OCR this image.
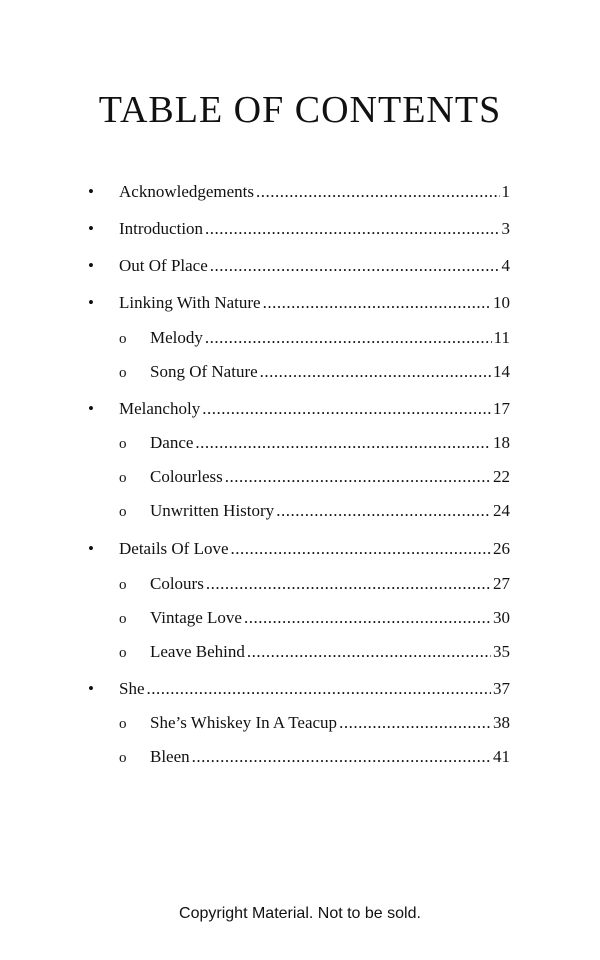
TABLE OF CONTENTS
•	Acknowledgements .....	1
•	Introduction .....	3
•	Out Of Place .....	4
•	Linking With Nature .....	10
o	Melody .....	11
o	Song Of Nature .....	14
•	Melancholy .....	17
o	Dance .....	18
o	Colourless .....	22
o	Unwritten History .....	24
•	Details Of Love .....	26
o	Colours .....	27
o	Vintage Love .....	30
o	Leave Behind .....	35
•	She .....	37
o	She’s Whiskey In A Teacup .....	38
o	Bleen .....	41
Copyright Material. Not to be sold.
